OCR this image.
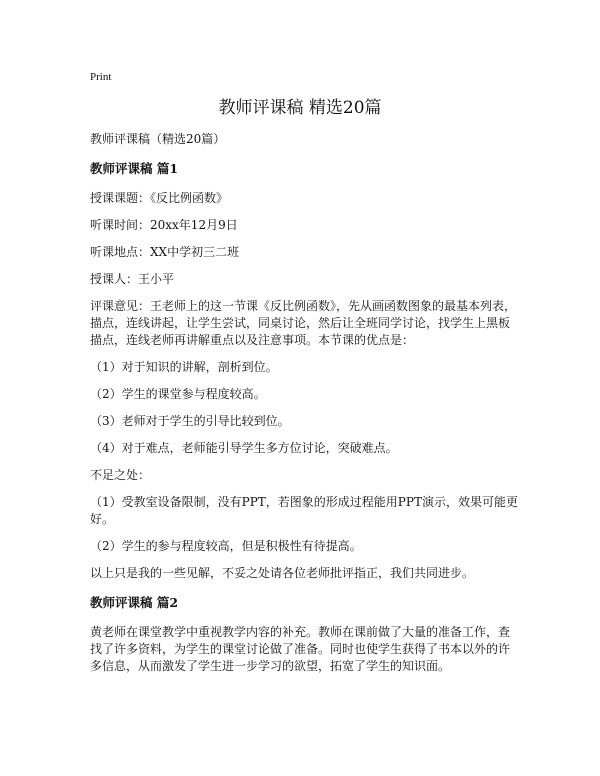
Print
教师评课稿 精选20篇

教师评课稿（精选20篇）

教师评课稿 篇1

授课课题：《反比例函数》

听课时间：20xx年12月9日

听课地点：XX中学初三二班

授课人：王小平

评课意见：王老师上的这一节课《反比例函数》，先从画函数图象的最基本列表，描点，连线讲起，让学生尝试，同桌讨论，然后让全班同学讨论，找学生上黑板描点，连线老师再讲解重点以及注意事项。本节课的优点是：

（1）对于知识的讲解，剖析到位。

（2）学生的课堂参与程度较高。

（3）老师对于学生的引导比较到位。

（4）对于难点，老师能引导学生多方位讨论，突破难点。

不足之处：

（1）受教室设备限制，没有PPT，若图象的形成过程能用PPT演示，效果可能更好。

（2）学生的参与程度较高，但是积极性有待提高。

以上只是我的一些见解，不妥之处请各位老师批评指正，我们共同进步。

教师评课稿 篇2

黄老师在课堂教学中重视教学内容的补充。教师在课前做了大量的准备工作，查找了许多资料，为学生的课堂讨论做了准备。同时也使学生获得了书本以外的许多信息，从而激发了学生进一步学习的欲望，拓宽了学生的知识面。
